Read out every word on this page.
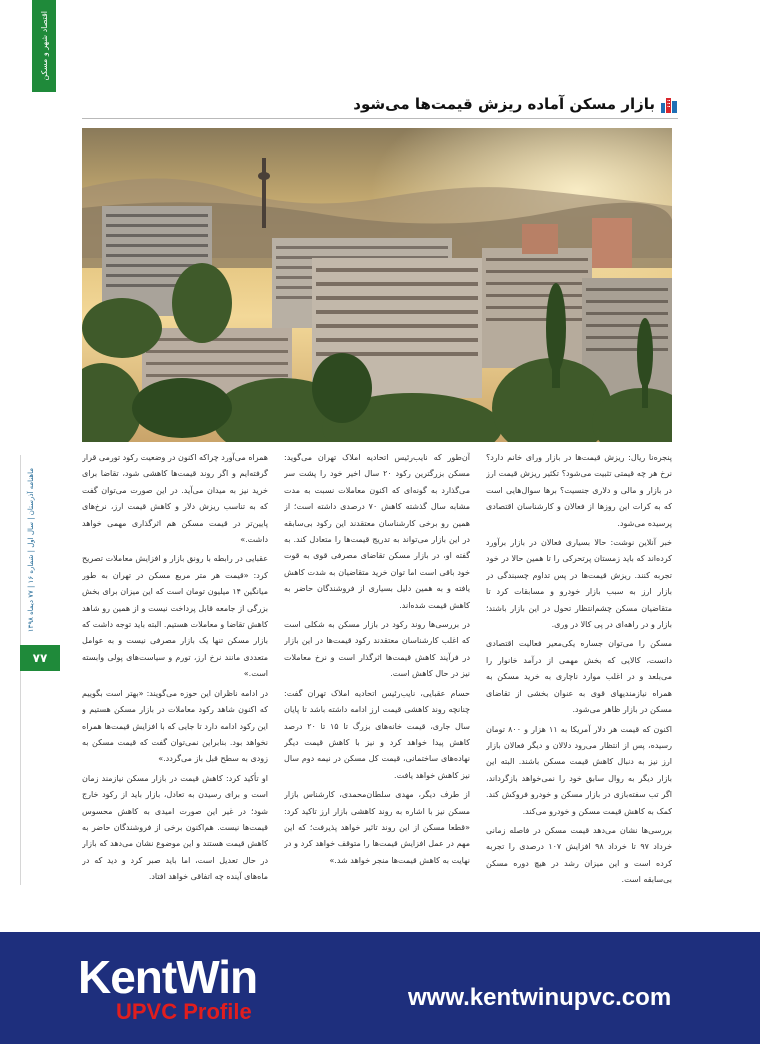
اقتصاد شهر و مسکن
بازار مسکن آماده ریزش قیمت‌ها می‌شود
ماهنامه آذرستان | سال اول | شماره ۱۶ | ۷۷ دیماه ۱۳۹۸
۷۷

پنجره‌نا ریال: ریزش قیمت‌ها در بازار ورای خانم دارد؟ نرخ هر چه قیمتی تثبیت می‌شود؟ تکثیر ریزش قیمت ارز در بازار و مالی و دلاری جنسیت؟ برها سوال‌هایی است که به کرات این روزها از فعالان و کارشناسان اقتصادی پرسیده می‌شود.

خبر آنلاین نوشت: حالا بسیاری فعالان در بازار برآورد کرده‌اند که باید زمستان پرتحرکی را تا همین حالا در خود تجربه کنند. ریزش قیمت‌ها در پس تداوم چسبندگی در بازار ارز به سبب بازار خودرو و مسابقات کرد تا متقاضیان مسکن چشم‌انتظار تحول در این بازار باشند؛ بازار و در راهه‌ای در پی کالا در وری.

مسکن را می‌توان جساره یکی‌معیر فعالیت اقتصادی دانست، کالایی که بخش مهمی از درآمد خانوار را می‌بلعد و در اغلب موارد ناچاری به خرید مسکن به همراه نیازمندیهای قوی به عنوان بخشی از تقاضای مسکن در بازار ظاهر می‌شود.

اکنون که قیمت هر دلار آمریکا به ۱۱ هزار و ۸۰۰ تومان رسیده، پس از انتظار می‌رود دلالان و دیگر فعالان بازار ارز نیز به دنبال کاهش قیمت مسکن باشند. البته این بازار دیگر به روال سابق خود را نمی‌خواهد بازگرداند، اگر تب سفته‌بازی در بازار مسکن و خودرو فروکش کند. کمک به کاهش قیمت مسکن و خودرو می‌کند.

بررسی‌ها نشان می‌دهد قیمت مسکن در فاصله زمانی خرداد ۹۷ تا خرداد ۹۸ افزایش ۱۰۷ درصدی را تجربه کرده است و این میزان رشد در هیچ دوره مسکن بی‌سابقه است.

آن‌طور که نایب‌رئیس اتحادیه املاک تهران می‌گوید: مسکن بزرگترین رکود ۲۰ سال اخیر خود را پشت سر می‌گذارد به گونه‌ای که اکنون معاملات نسبت به مدت مشابه سال گذشته کاهش ۷۰ درصدی داشته است؛ از همین رو برخی کارشناسان معتقدند این رکود بی‌سابقه در این بازار می‌تواند به تدریج قیمت‌ها را متعادل کند. به گفته او، در بازار مسکن تقاضای مصرفی قوی به قوت خود باقی است اما توان خرید متقاضیان به شدت کاهش یافته و به همین دلیل بسیاری از فروشندگان حاضر به کاهش قیمت شده‌اند.

در بررسی‌ها روند رکود در بازار مسکن به شکلی است که اغلب کارشناسان معتقدند رکود قیمت‌ها در این بازار در فرآیند کاهش قیمت‌ها اثرگذار است و نرخ معاملات نیز در حال کاهش است.

حسام عقبایی، نایب‌رئیس اتحادیه املاک تهران گفت: چنانچه روند کاهشی قیمت ارز ادامه داشته باشد تا پایان سال جاری، قیمت خانه‌های بزرگ تا ۱۵ تا ۲۰ درصد کاهش پیدا خواهد کرد و نیز با کاهش قیمت دیگر نهاده‌های ساختمانی، قیمت کل مسکن در نیمه دوم سال نیز کاهش خواهد یافت.

از طرف دیگر، مهدی سلطان‌محمدی، کارشناس بازار مسکن نیز با اشاره به روند کاهشی بازار ارز تاکید کرد: «قطعا مسکن از این روند تاثیر خواهد پذیرفت؛ که این مهم در عمل افزایش قیمت‌ها را متوقف خواهد کرد و در نهایت به کاهش قیمت‌ها منجر خواهد شد.»

همراه می‌آورد چراکه اکنون در وضعیت رکود تورمی قرار گرفته‌ایم و اگر روند قیمت‌ها کاهشی شود، تقاضا برای خرید نیز به میدان می‌آید. در این صورت می‌توان گفت که به تناسب ریزش دلار و کاهش قیمت ارز، نرخ‌های پایین‌تر در قیمت مسکن هم اثرگذاری مهمی خواهد داشت.»

عقبایی در رابطه با رونق بازار و افزایش معاملات تصریح کرد: «قیمت هر متر مربع مسکن در تهران به طور میانگین ۱۴ میلیون تومان است که این میزان برای بخش بزرگی از جامعه قابل پرداخت نیست و از همین رو شاهد کاهش تقاضا و معاملات هستیم. البته باید توجه داشت که بازار مسکن تنها یک بازار مصرفی نیست و به عوامل متعددی مانند نرخ ارز، تورم و سیاست‌های پولی وابسته است.»

در ادامه ناظران این حوزه می‌گویند: «بهتر است بگوییم که اکنون شاهد رکود معاملات در بازار مسکن هستیم و این رکود ادامه دارد تا جایی که با افزایش قیمت‌ها همراه نخواهد بود. بنابراین نمی‌توان گفت که قیمت مسکن به زودی به سطح قبل باز می‌گردد.»

او تأکید کرد: کاهش قیمت در بازار مسکن نیازمند زمان است و برای رسیدن به تعادل، بازار باید از رکود خارج شود؛ در غیر این صورت امیدی به کاهش محسوس قیمت‌ها نیست. هم‌اکنون برخی از فروشندگان حاضر به کاهش قیمت هستند و این موضوع نشان می‌دهد که بازار در حال تعدیل است، اما باید صبر کرد و دید که در ماه‌های آینده چه اتفاقی خواهد افتاد.

KentWin
UPVC Profile
www.kentwinupvc.com
